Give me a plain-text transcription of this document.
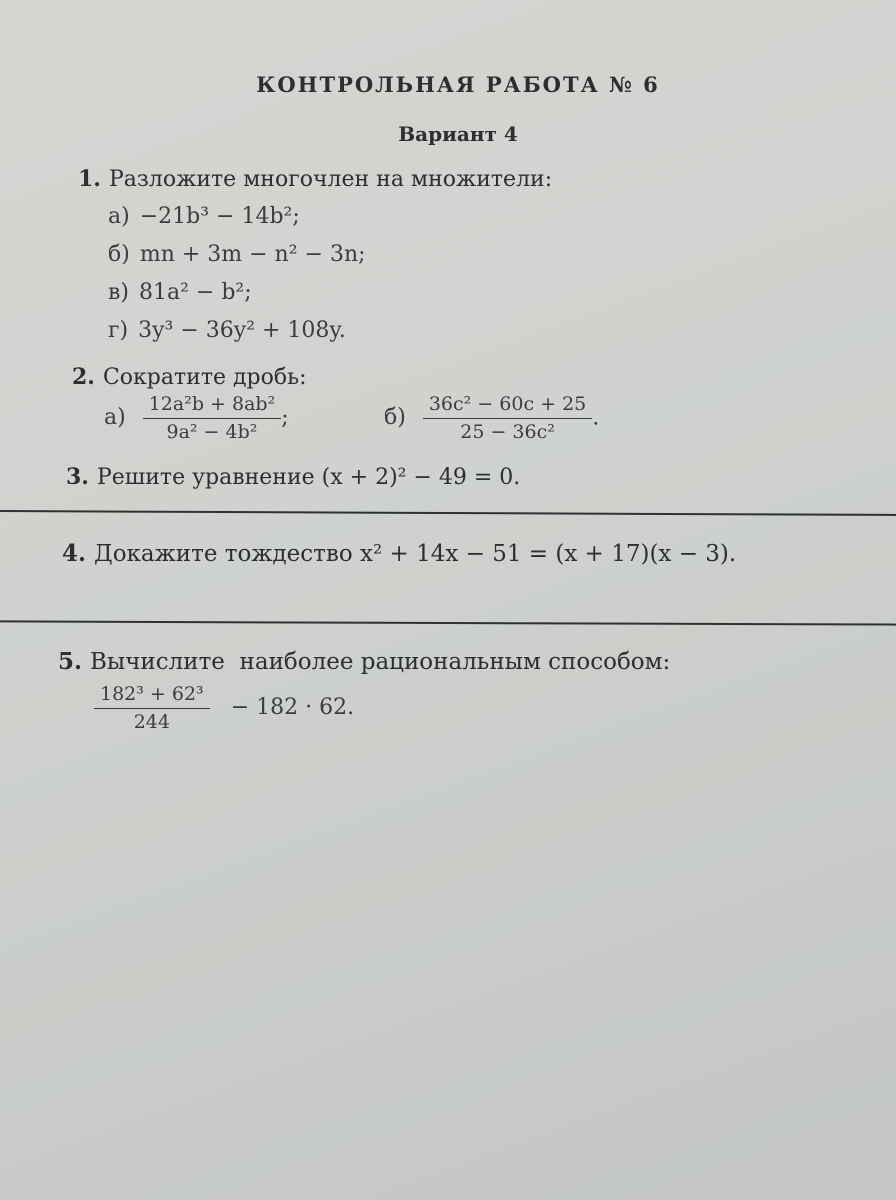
КОНТРОЛЬНАЯ РАБОТА № 6
Вариант 4
1. Разложите многочлен на множители:
а) −21b³ − 14b²;
б) mn + 3m − n² − 3n;
в) 81a² − b²;
г) 3y³ − 36y² + 108y.
2. Сократите дробь:
$а) \frac{\text{12a²b + 8ab²}}{\text{9a² − 4b²}}$ ;	$б) \frac{\text{36c² − 60c + 25}}{\text{25 − 36c²}}$ .
3. Решите уравнение (x + 2)² − 49 = 0.
4. Докажите тождество x² + 14x − 51 = (x + 17)(x − 3).
5. Вычислите  наиболее рациональным способом:
$\frac{\text{182³ + 62³}}{244} - 182 \cdot 62$.
